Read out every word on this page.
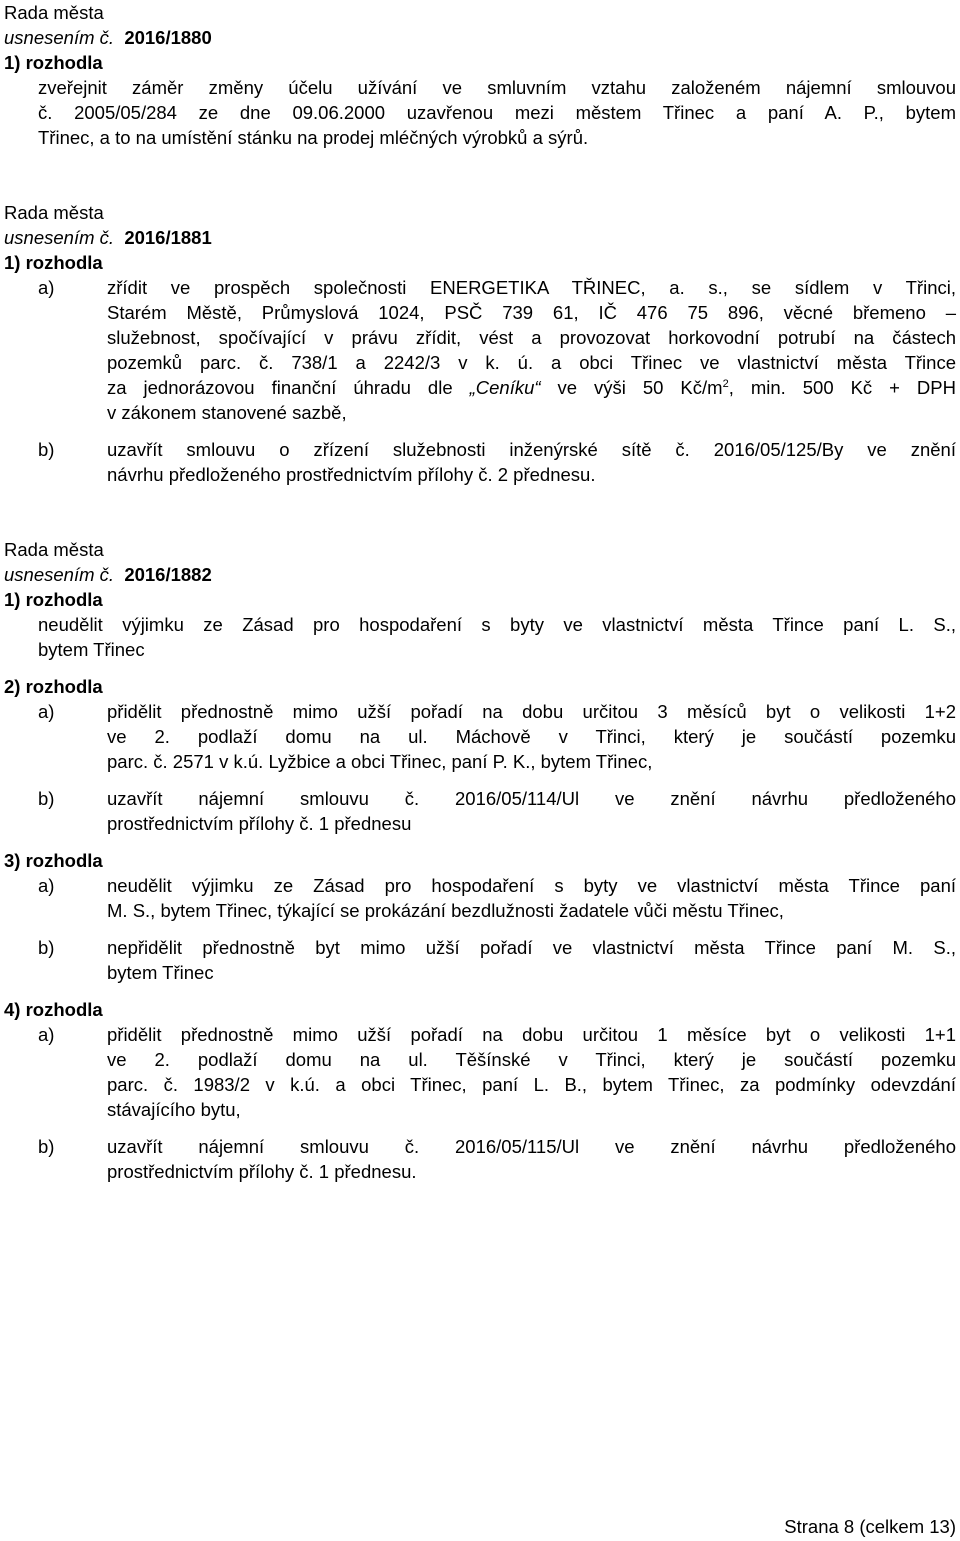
Rada města
usnesením č. 2016/1880
1) rozhodla
zveřejnit záměr změny účelu užívání ve smluvním vztahu založeném nájemní smlouvou
č. 2005/05/284 ze dne 09.06.2000 uzavřenou mezi městem Třinec a paní A. P., bytem
Třinec, a to na umístění stánku na prodej mléčných výrobků a sýrů.
Rada města
usnesením č. 2016/1881
1) rozhodla
a)	zřídit ve prospěch společnosti ENERGETIKA TŘINEC, a. s., se sídlem v Třinci,
Starém Městě, Průmyslová 1024, PSČ 739 61, IČ 476 75 896, věcné břemeno –
služebnost, spočívající v právu zřídit, vést a provozovat horkovodní potrubí na částech
pozemků parc. č. 738/1 a 2242/3 v k. ú. a obci Třinec ve vlastnictví města Třince
za jednorázovou finanční úhradu dle „Ceníku“ ve výši 50 $Kč/m^2$, min. 500 Kč + DPH
v zákonem stanovené sazbě,
b)	uzavřít smlouvu o zřízení služebnosti inženýrské sítě č. 2016/05/125/By ve znění
návrhu předloženého prostřednictvím přílohy č. 2 přednesu.
Rada města
usnesením č. 2016/1882
1) rozhodla
neudělit výjimku ze Zásad pro hospodaření s byty ve vlastnictví města Třince paní L. S.,
bytem Třinec
2) rozhodla
a)	přidělit přednostně mimo užší pořadí na dobu určitou 3 měsíců byt o velikosti 1+2
ve 2. podlaží domu na ul. Máchově v Třinci, který je součástí pozemku
parc. č. 2571 v k.ú. Lyžbice a obci Třinec, paní P. K., bytem Třinec,
b)	uzavřít nájemní smlouvu č. 2016/05/114/Ul ve znění návrhu předloženého
prostřednictvím přílohy č. 1 přednesu
3) rozhodla
a)	neudělit výjimku ze Zásad pro hospodaření s byty ve vlastnictví města Třince paní
M. S., bytem Třinec, týkající se prokázání bezdlužnosti žadatele vůči městu Třinec,
b)	nepřidělit přednostně byt mimo užší pořadí ve vlastnictví města Třince paní M. S.,
bytem Třinec
4) rozhodla
a)	přidělit přednostně mimo užší pořadí na dobu určitou 1 měsíce byt o velikosti 1+1
ve 2. podlaží domu na ul. Těšínské v Třinci, který je součástí pozemku
parc. č. 1983/2 v k.ú. a obci Třinec, paní L. B., bytem Třinec, za podmínky odevzdání
stávajícího bytu,
b)	uzavřít nájemní smlouvu č. 2016/05/115/Ul ve znění návrhu předloženého
prostřednictvím přílohy č. 1 přednesu.
Strana 8 (celkem 13)
